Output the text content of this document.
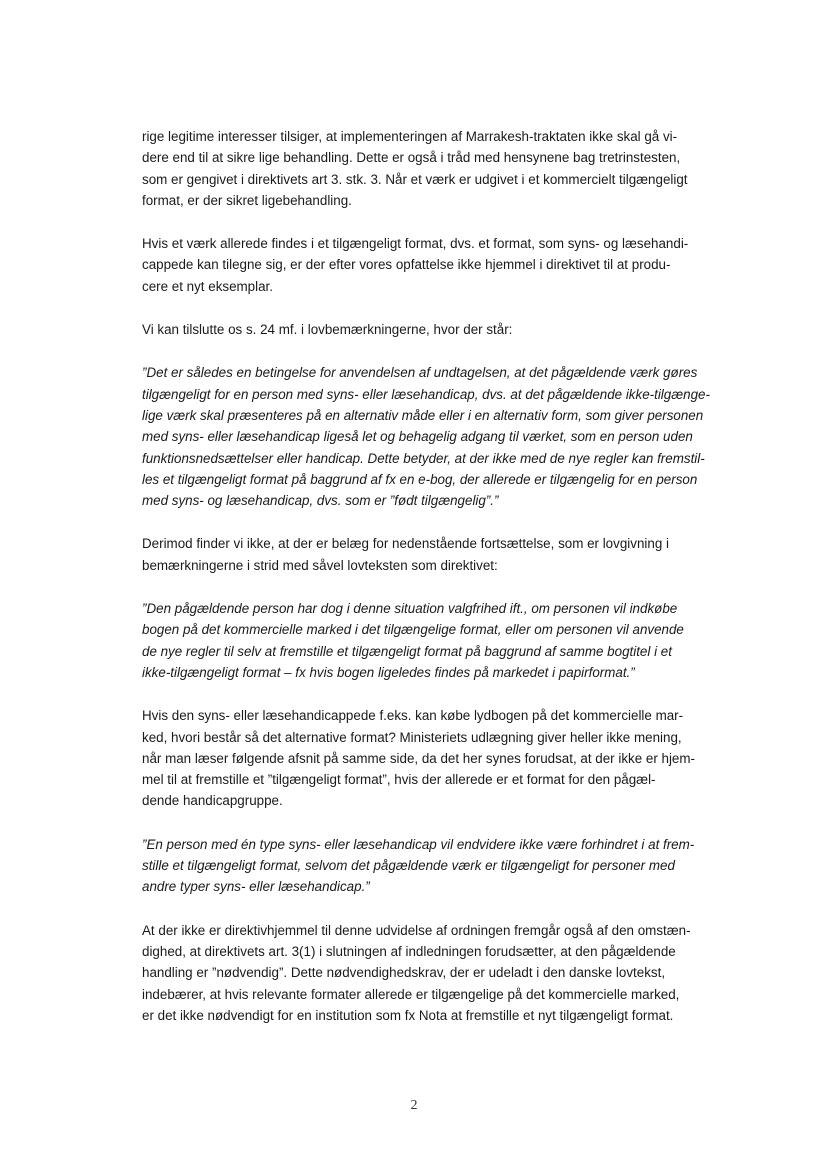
rige legitime interesser tilsiger, at implementeringen af Marrakesh-traktaten ikke skal gå vi-
dere end til at sikre lige behandling. Dette er også i tråd med hensynene bag tretrinstesten,
som er gengivet i direktivets art 3. stk. 3. Når et værk er udgivet i et kommercielt tilgængeligt
format, er der sikret ligebehandling.

Hvis et værk allerede findes i et tilgængeligt format, dvs. et format, som syns- og læsehandi-
cappede kan tilegne sig, er der efter vores opfattelse ikke hjemmel i direktivet til at produ-
cere et nyt eksemplar.

Vi kan tilslutte os s. 24 mf. i lovbemærkningerne, hvor der står:

”Det er således en betingelse for anvendelsen af undtagelsen, at det pågældende værk gøres
tilgængeligt for en person med syns- eller læsehandicap, dvs. at det pågældende ikke-tilgænge-
lige værk skal præsenteres på en alternativ måde eller i en alternativ form, som giver personen
med syns- eller læsehandicap ligeså let og behagelig adgang til værket, som en person uden
funktionsnedsættelser eller handicap. Dette betyder, at der ikke med de nye regler kan fremstil-
les et tilgængeligt format på baggrund af fx en e-bog, der allerede er tilgængelig for en person
med syns- og læsehandicap, dvs. som er ”født tilgængelig”.”

Derimod finder vi ikke, at der er belæg for nedenstående fortsættelse, som er lovgivning i
bemærkningerne i strid med såvel lovteksten som direktivet:

”Den pågældende person har dog i denne situation valgfrihed ift., om personen vil indkøbe
bogen på det kommercielle marked i det tilgængelige format, eller om personen vil anvende
de nye regler til selv at fremstille et tilgængeligt format på baggrund af samme bogtitel i et
ikke-tilgængeligt format – fx hvis bogen ligeledes findes på markedet i papirformat.”

Hvis den syns- eller læsehandicappede f.eks. kan købe lydbogen på det kommercielle mar-
ked, hvori består så det alternative format? Ministeriets udlægning giver heller ikke mening,
når man læser følgende afsnit på samme side, da det her synes forudsat, at der ikke er hjem-
mel til at fremstille et ”tilgængeligt format”, hvis der allerede er et format for den pågæl-
dende handicapgruppe.

”En person med én type syns- eller læsehandicap vil endvidere ikke være forhindret i at frem-
stille et tilgængeligt format, selvom det pågældende værk er tilgængeligt for personer med
andre typer syns- eller læsehandicap.”

At der ikke er direktivhjemmel til denne udvidelse af ordningen fremgår også af den omstæn-
dighed, at direktivets art. 3(1) i slutningen af indledningen forudsætter, at den pågældende
handling er ”nødvendig”. Dette nødvendighedskrav, der er udeladt i den danske lovtekst,
indebærer, at hvis relevante formater allerede er tilgængelige på det kommercielle marked,
er det ikke nødvendigt for en institution som fx Nota at fremstille et nyt tilgængeligt format.

2
